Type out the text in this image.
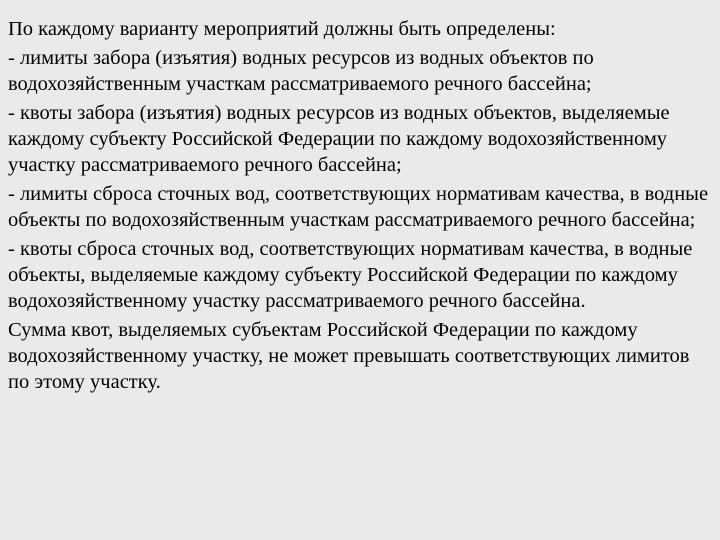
По каждому варианту мероприятий должны быть определены:

- лимиты забора (изъятия) водных ресурсов из водных объектов по водохозяйственным участкам рассматриваемого речного бассейна;

- квоты забора (изъятия) водных ресурсов из водных объектов, выделяемые каждому субъекту Российской Федерации по каждому водохозяйственному участку рассматриваемого речного бассейна;

- лимиты сброса сточных вод, соответствующих нормативам качества, в водные объекты по водохозяйственным участкам рассматриваемого речного бассейна;

- квоты сброса сточных вод, соответствующих нормативам качества, в водные объекты, выделяемые каждому субъекту Российской Федерации по каждому водохозяйственному участку рассматриваемого речного бассейна.

Сумма квот, выделяемых субъектам Российской Федерации по каждому водохозяйственному участку, не может превышать соответствующих лимитов по этому участку.
